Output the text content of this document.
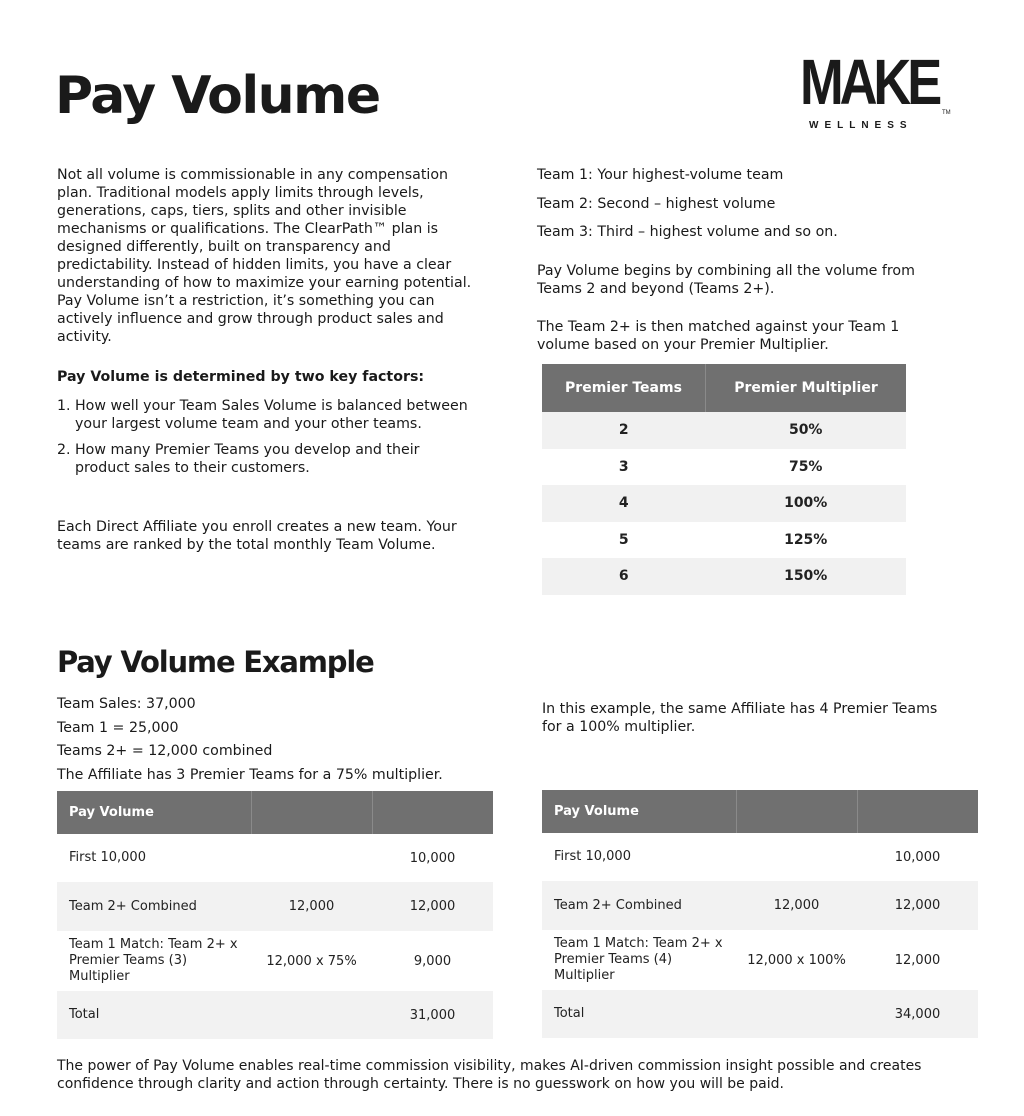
Pay Volume	MAKE TM
WELLNESS

Not all volume is commissionable in any compensation plan. Traditional models apply limits through levels, generations, caps, tiers, splits and other invisible mechanisms or qualifications. The ClearPath™ plan is designed differently, built on transparency and predictability. Instead of hidden limits, you have a clear understanding of how to maximize your earning potential. Pay Volume isn’t a restriction, it’s something you can actively influence and grow through product sales and activity.

Pay Volume is determined by two key factors:

1. How well your Team Sales Volume is balanced between your largest volume team and your other teams.
2. How many Premier Teams you develop and their product sales to their customers.

Each Direct Affiliate you enroll creates a new team. Your teams are ranked by the total monthly Team Volume.

Team 1: Your highest-volume team

Team 2: Second – highest volume

Team 3: Third – highest volume and so on.

Pay Volume begins by combining all the volume from Teams 2 and beyond (Teams 2+).

The Team 2+ is then matched against your Team 1 volume based on your Premier Multiplier.

Premier Teams	Premier Multiplier
2	50%
3	75%
4	100%
5	125%
6	150%
Pay Volume Example

Team Sales: 37,000

Team 1 = 25,000

Teams 2+ = 12,000 combined

The Affiliate has 3 Premier Teams for a 75% multiplier.

In this example, the same Affiliate has 4 Premier Teams for a 100% multiplier.

Pay Volume		
First 10,000		10,000
Team 2+ Combined	12,000	12,000
Team 1 Match: Team 2+ x Premier Teams (3) Multiplier	12,000 x 75%	9,000
Total		31,000
Pay Volume		
First 10,000		10,000
Team 2+ Combined	12,000	12,000
Team 1 Match: Team 2+ x Premier Teams (4) Multiplier	12,000 x 100%	12,000
Total		34,000

The power of Pay Volume enables real-time commission visibility, makes AI-driven commission insight possible and creates confidence through clarity and action through certainty. There is no guesswork on how you will be paid.
